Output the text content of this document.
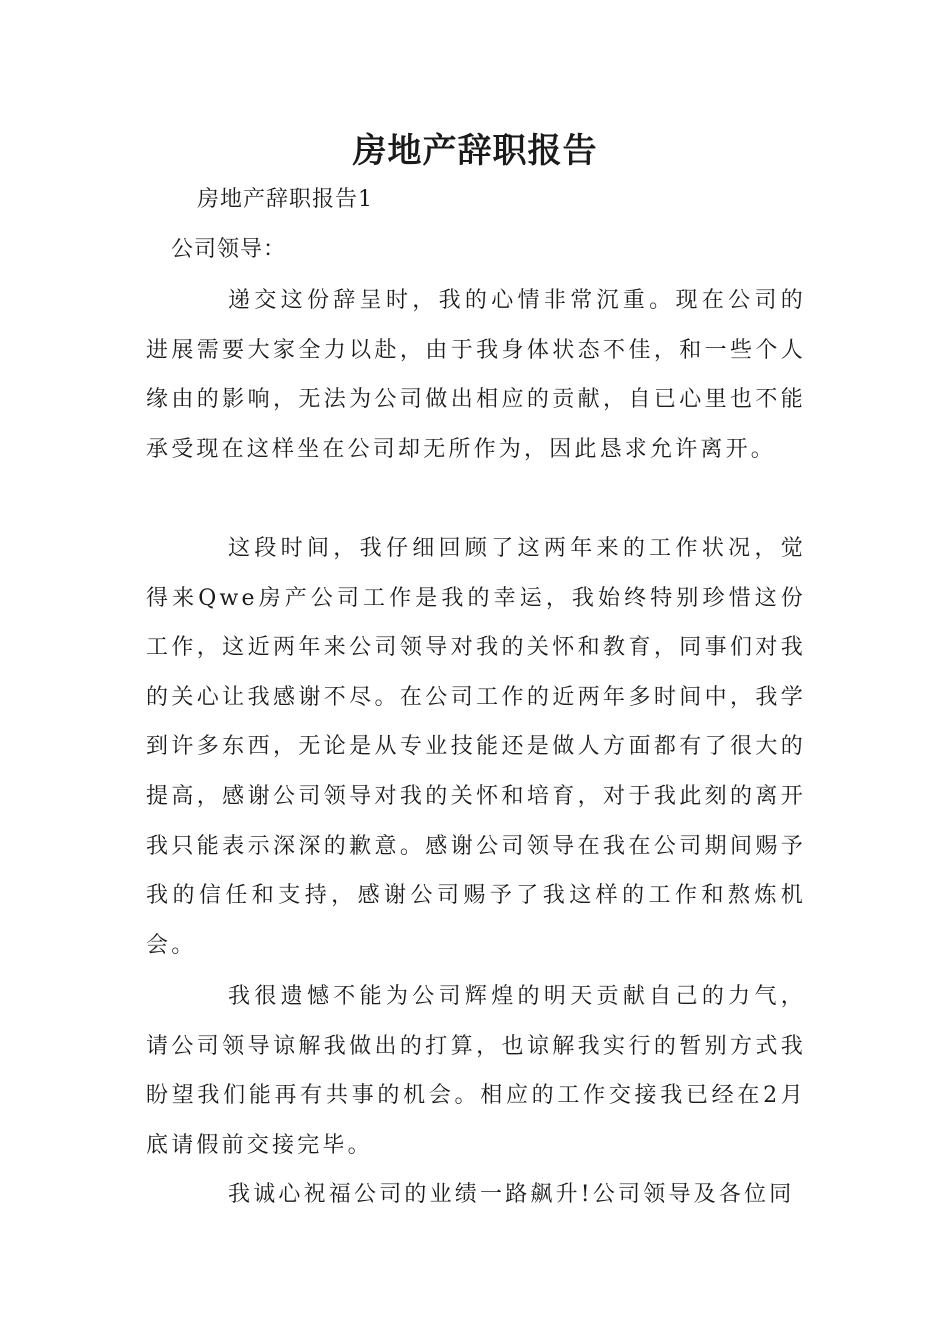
房地产辞职报告

房地产辞职报告1

公司领导：

递交这份辞呈时，我的心情非常沉重。现在公司的进展需要大家全力以赴，由于我身体状态不佳，和一些个人缘由的影响，无法为公司做出相应的贡献，自已心里也不能承受现在这样坐在公司却无所作为，因此恳求允许离开。

这段时间，我仔细回顾了这两年来的工作状况，觉得来Qwe房产公司工作是我的幸运，我始终特别珍惜这份工作，这近两年来公司领导对我的关怀和教育，同事们对我的关心让我感谢不尽。在公司工作的近两年多时间中，我学到许多东西，无论是从专业技能还是做人方面都有了很大的提高，感谢公司领导对我的关怀和培育，对于我此刻的离开我只能表示深深的歉意。感谢公司领导在我在公司期间赐予我的信任和支持，感谢公司赐予了我这样的工作和熬炼机会。

我很遗憾不能为公司辉煌的明天贡献自己的力气，请公司领导谅解我做出的打算，也谅解我实行的暂别方式我盼望我们能再有共事的机会。相应的工作交接我已经在2月底请假前交接完毕。

我诚心祝福公司的业绩一路飙升!公司领导及各位同
